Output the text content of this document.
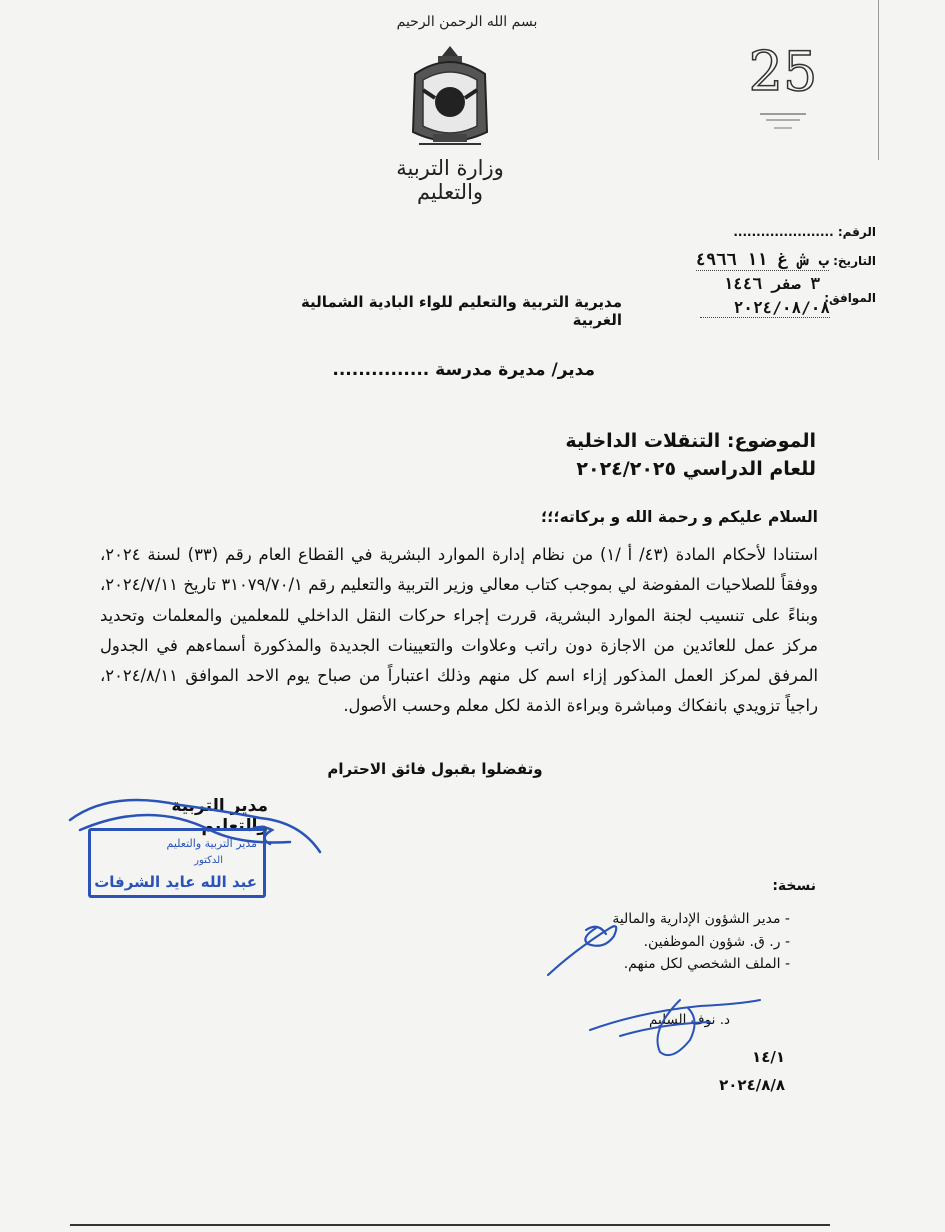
بسم الله الرحمن الرحيم
وزارة التربية والتعليم
25
الرقم: ......................
التاريخ: ب ش غ ١١ ٤٩٦٦
٣ صفر ١٤٤٦
الموافق:
٢٠٢٤/٠٨/٠٨
مديرية التربية والتعليم للواء البادية الشمالية الغربية
مدير/ مديرة مدرسة ...............
الموضوع: التنقلات الداخلية
للعام الدراسي ٢٠٢٤/٢٠٢٥
السلام عليكم و رحمة الله و بركاته؛؛؛
استنادا لأحكام المادة (٤٣/ أ /١) من نظام إدارة الموارد البشرية في القطاع العام رقم (٣٣) لسنة ٢٠٢٤، ووفقاً للصلاحيات المفوضة لي بموجب كتاب معالي وزير التربية والتعليم رقم ٣١٠٧٩/٧٠/١ تاريخ ٢٠٢٤/٧/١١، وبناءً على تنسيب لجنة الموارد البشرية، قررت إجراء حركات النقل الداخلي للمعلمين والمعلمات وتحديد مركز عمل للعائدين من الاجازة دون راتب وعلاوات والتعيينات الجديدة والمذكورة أسماءهم في الجدول المرفق لمركز العمل المذكور إزاء اسم كل منهم وذلك اعتباراً من صباح يوم الاحد الموافق ٢٠٢٤/٨/١١، راجياً تزويدي بانفكاك ومباشرة وبراءة الذمة لكل معلم وحسب الأصول.
وتفضلوا بقبول فائق الاحترام
مدير التربية والتعليم
مدير التربية والتعليم
الدكتور
عبد الله عايد الشرفات	نسخة:
- مدير الشؤون الإدارية والمالية
- ر. ق. شؤون الموظفين.
- الملف الشخصي لكل منهم.
د. نوف السليم
١٤/١
٢٠٢٤/٨/٨
